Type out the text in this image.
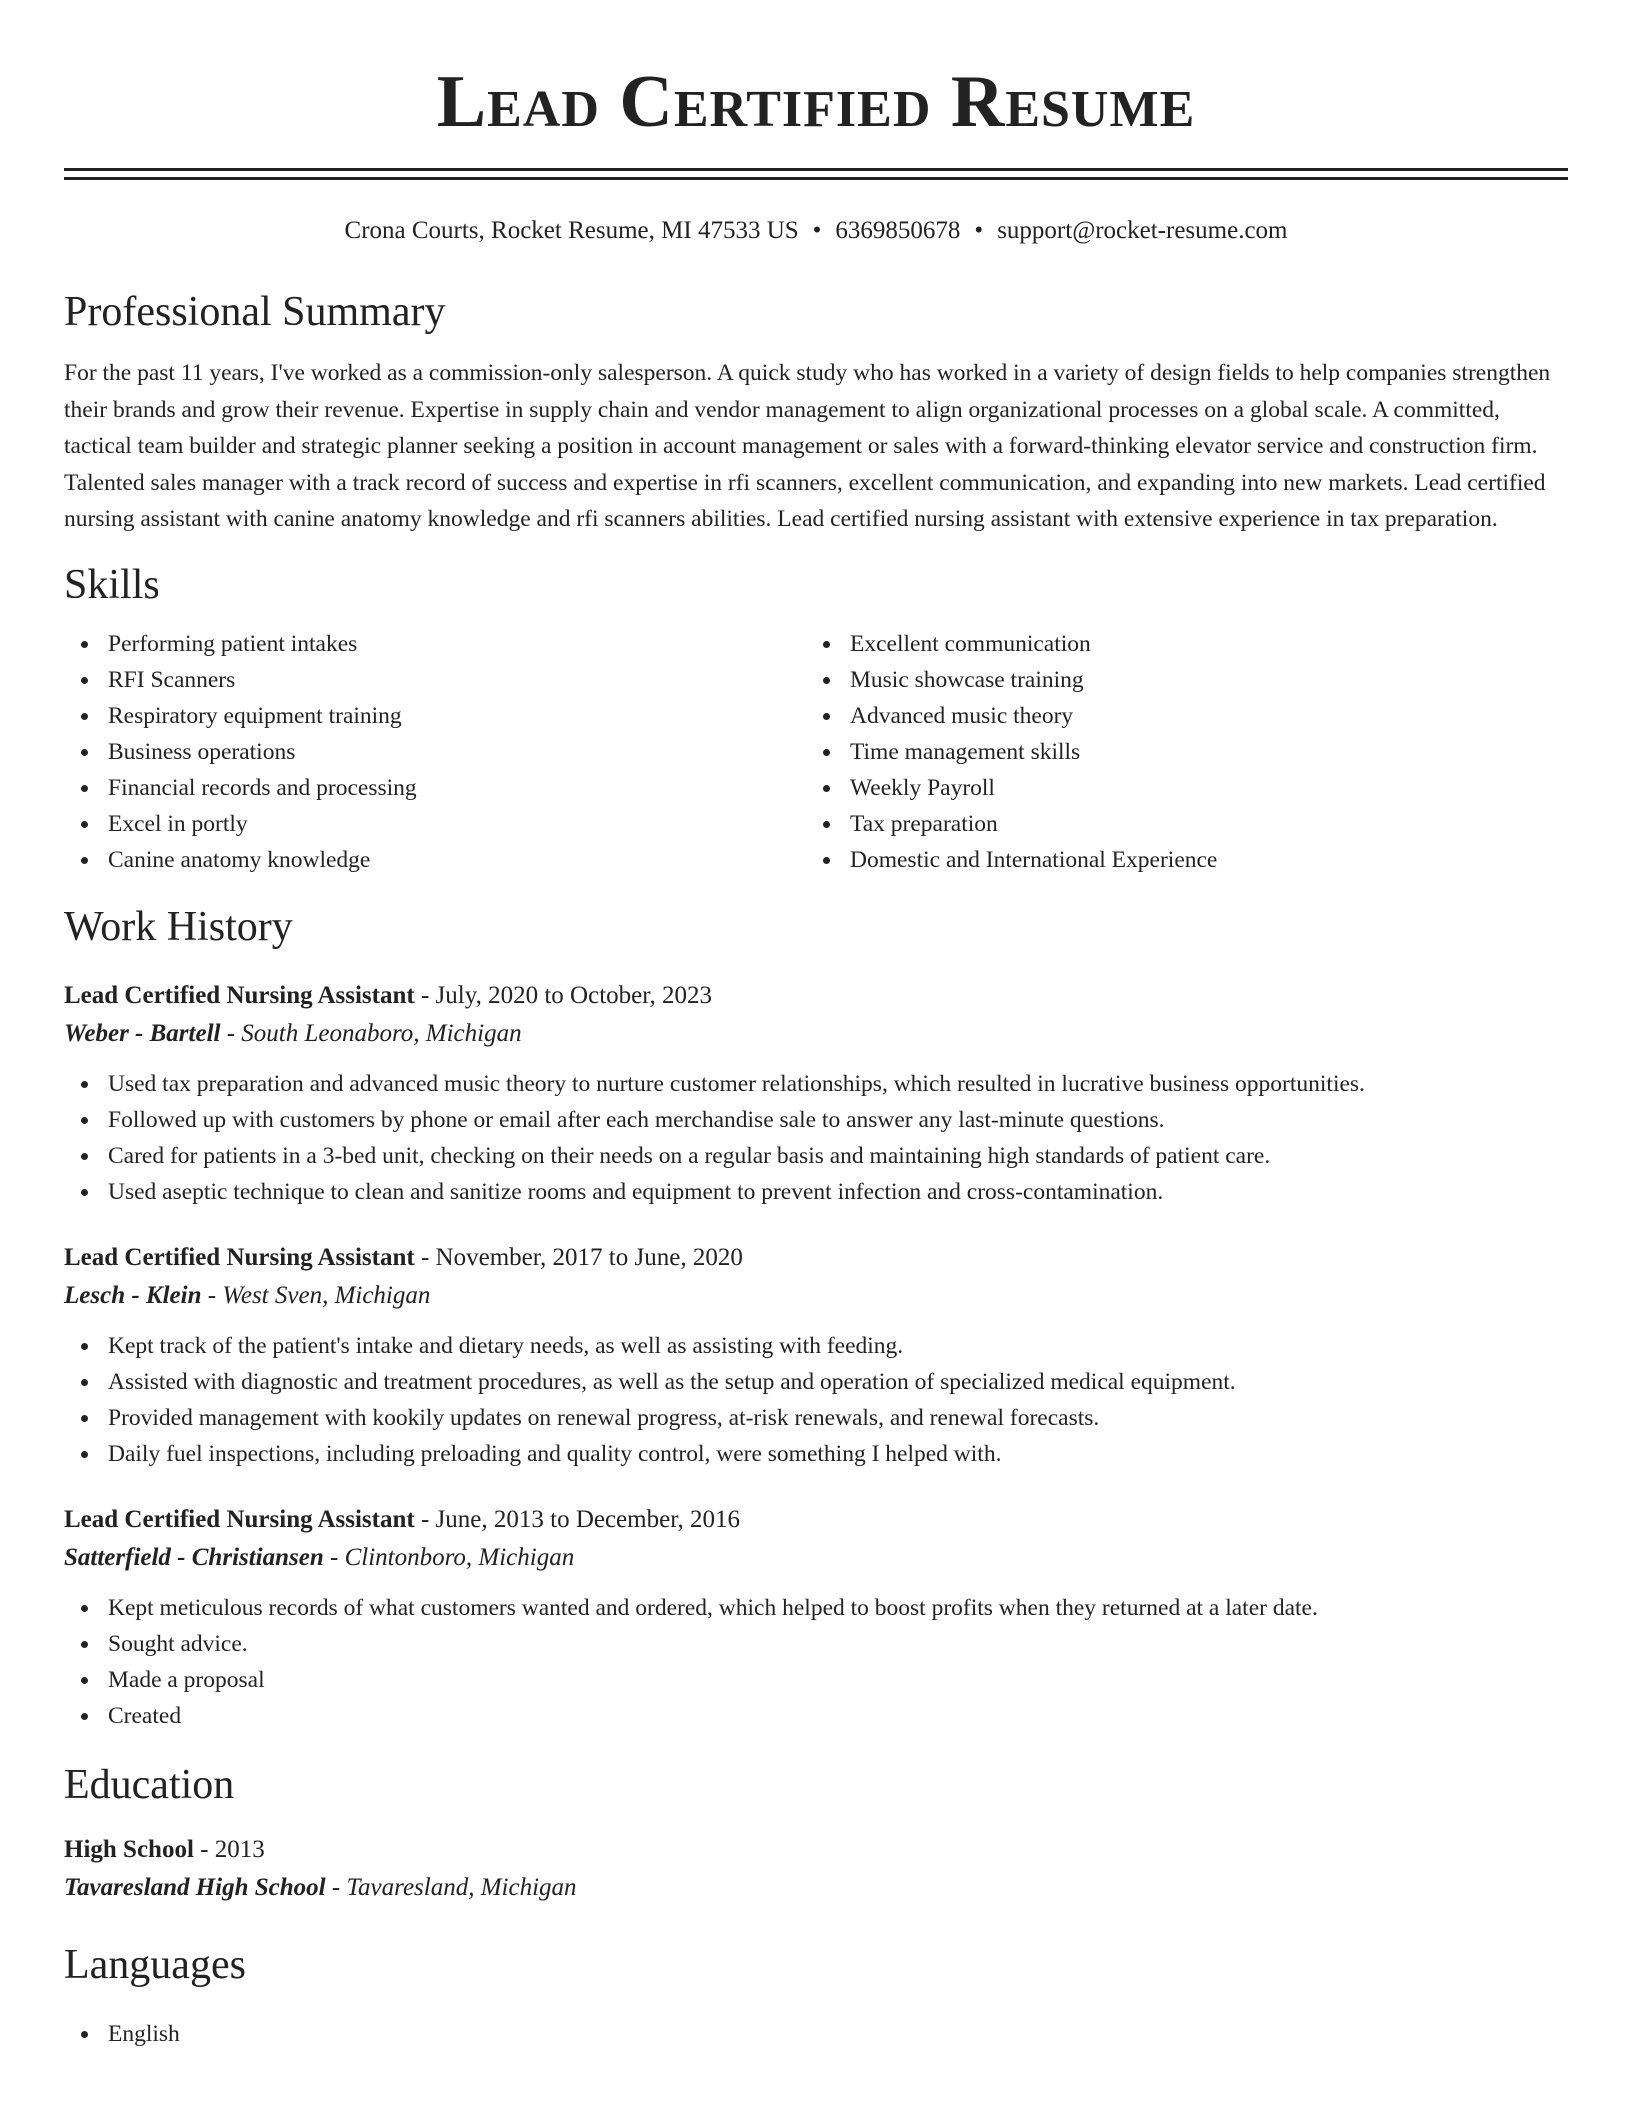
Lead Certified Resume
Crona Courts, Rocket Resume, MI 47533 US • 6369850678 • support@rocket-resume.com
Professional Summary
For the past 11 years, I've worked as a commission-only salesperson. A quick study who has worked in a variety of design fields to help companies strengthen their brands and grow their revenue. Expertise in supply chain and vendor management to align organizational processes on a global scale. A committed, tactical team builder and strategic planner seeking a position in account management or sales with a forward-thinking elevator service and construction firm. Talented sales manager with a track record of success and expertise in rfi scanners, excellent communication, and expanding into new markets. Lead certified nursing assistant with canine anatomy knowledge and rfi scanners abilities. Lead certified nursing assistant with extensive experience in tax preparation.
Skills
Performing patient intakes
RFI Scanners
Respiratory equipment training
Business operations
Financial records and processing
Excel in portly
Canine anatomy knowledge
Excellent communication
Music showcase training
Advanced music theory
Time management skills
Weekly Payroll
Tax preparation
Domestic and International Experience
Work History
Lead Certified Nursing Assistant - July, 2020 to October, 2023
Weber - Bartell - South Leonaboro, Michigan
Used tax preparation and advanced music theory to nurture customer relationships, which resulted in lucrative business opportunities.
Followed up with customers by phone or email after each merchandise sale to answer any last-minute questions.
Cared for patients in a 3-bed unit, checking on their needs on a regular basis and maintaining high standards of patient care.
Used aseptic technique to clean and sanitize rooms and equipment to prevent infection and cross-contamination.
Lead Certified Nursing Assistant - November, 2017 to June, 2020
Lesch - Klein - West Sven, Michigan
Kept track of the patient's intake and dietary needs, as well as assisting with feeding.
Assisted with diagnostic and treatment procedures, as well as the setup and operation of specialized medical equipment.
Provided management with kookily updates on renewal progress, at-risk renewals, and renewal forecasts.
Daily fuel inspections, including preloading and quality control, were something I helped with.
Lead Certified Nursing Assistant - June, 2013 to December, 2016
Satterfield - Christiansen - Clintonboro, Michigan
Kept meticulous records of what customers wanted and ordered, which helped to boost profits when they returned at a later date.
Sought advice.
Made a proposal
Created
Education
High School - 2013
Tavaresland High School - Tavaresland, Michigan
Languages
English
